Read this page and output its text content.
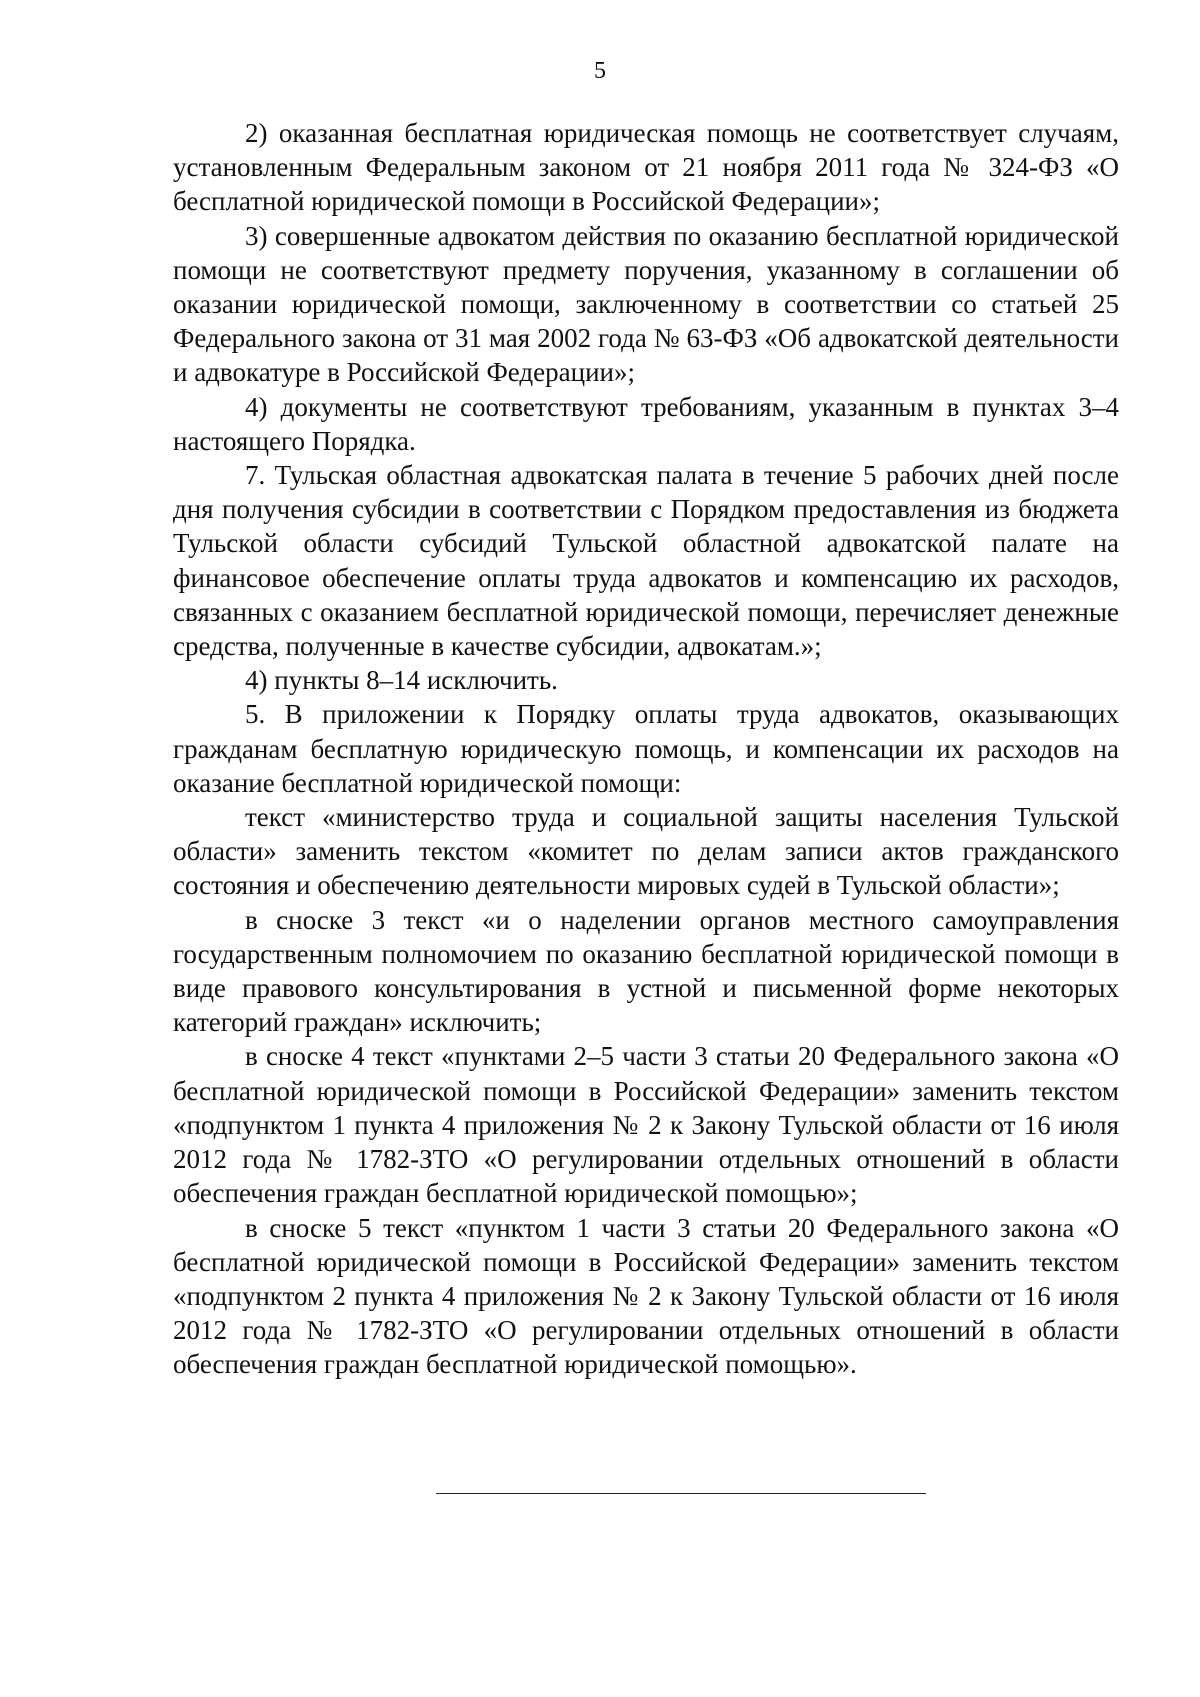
5

2) оказанная бесплатная юридическая помощь не соответствует случаям, установленным Федеральным законом от 21 ноября 2011 года № 324-ФЗ «О бесплатной юридической помощи в Российской Федерации»;

3) совершенные адвокатом действия по оказанию бесплатной юридической помощи не соответствуют предмету поручения, указанному в соглашении об оказании юридической помощи, заключенному в соответствии со статьей 25 Федерального закона от 31 мая 2002 года № 63-ФЗ «Об адвокатской деятельности и адвокатуре в Российской Федерации»;

4) документы не соответствуют требованиям, указанным в пунктах 3–4 настоящего Порядка.

7. Тульская областная адвокатская палата в течение 5 рабочих дней после дня получения субсидии в соответствии с Порядком предоставления из бюджета Тульской области субсидий Тульской областной адвокатской палате на финансовое обеспечение оплаты труда адвокатов и компенсацию их расходов, связанных с оказанием бесплатной юридической помощи, перечисляет денежные средства, полученные в качестве субсидии, адвокатам.»;

4) пункты 8–14 исключить.

5. В приложении к Порядку оплаты труда адвокатов, оказывающих гражданам бесплатную юридическую помощь, и компенсации их расходов на оказание бесплатной юридической помощи:

текст «министерство труда и социальной защиты населения Тульской области» заменить текстом «комитет по делам записи актов гражданского состояния и обеспечению деятельности мировых судей в Тульской области»;

в сноске 3 текст «и о наделении органов местного самоуправления государственным полномочием по оказанию бесплатной юридической помощи в виде правового консультирования в устной и письменной форме некоторых категорий граждан» исключить;

в сноске 4 текст «пунктами 2–5 части 3 статьи 20 Федерального закона «О бесплатной юридической помощи в Российской Федерации» заменить текстом «подпунктом 1 пункта 4 приложения № 2 к Закону Тульской области от 16 июля 2012 года № 1782-ЗТО «О регулировании отдельных отношений в области обеспечения граждан бесплатной юридической помощью»;

в сноске 5 текст «пунктом 1 части 3 статьи 20 Федерального закона «О бесплатной юридической помощи в Российской Федерации» заменить текстом «подпунктом 2 пункта 4 приложения № 2 к Закону Тульской области от 16 июля 2012 года № 1782-ЗТО «О регулировании отдельных отношений в области обеспечения граждан бесплатной юридической помощью».
